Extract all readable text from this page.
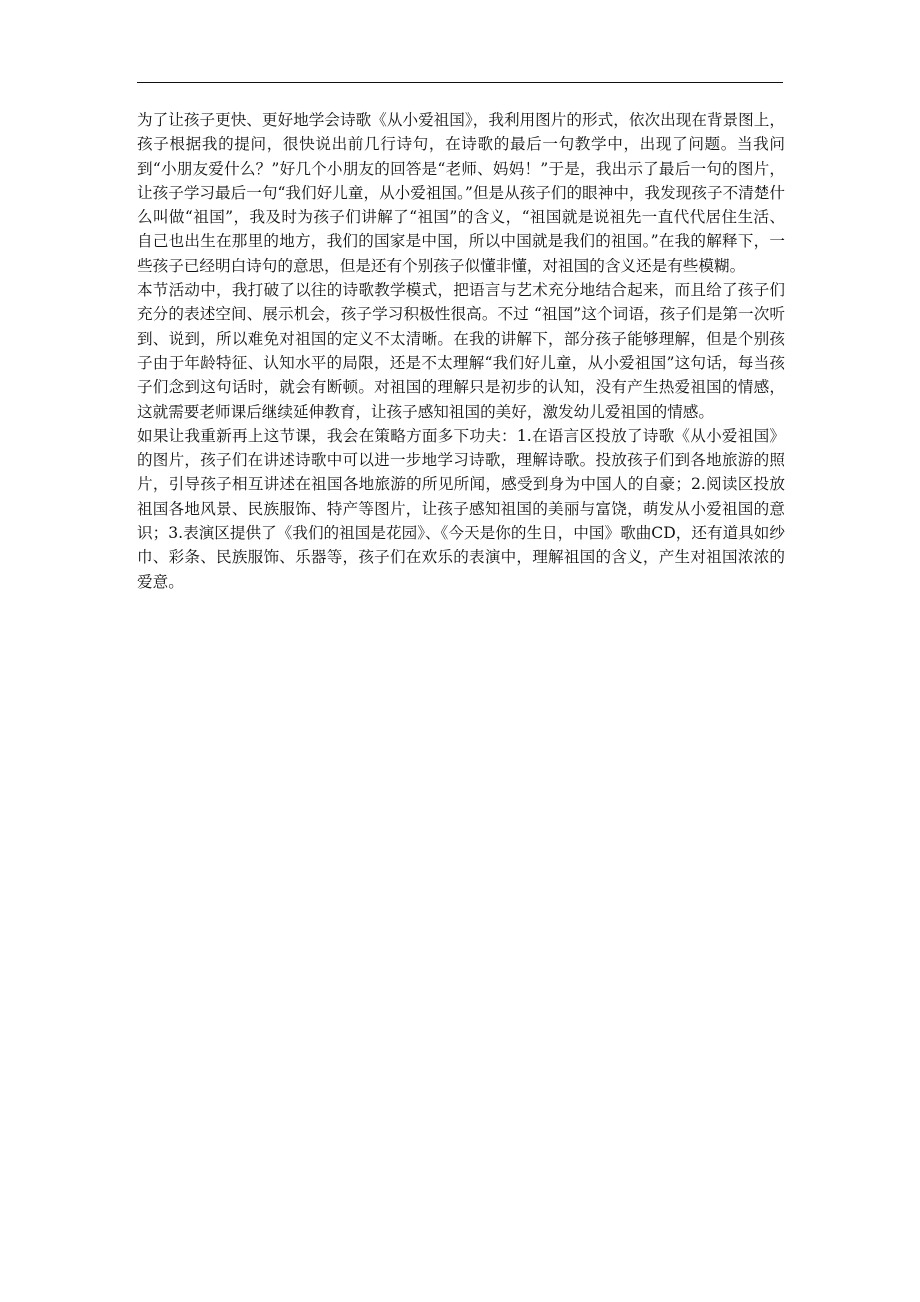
为了让孩子更快、更好地学会诗歌《从小爱祖国》，我利用图片的形式，依次出现在背景图上，孩子根据我的提问，很快说出前几行诗句，在诗歌的最后一句教学中，出现了问题。当我问到“小朋友爱什么？”好几个小朋友的回答是“老师、妈妈！”于是，我出示了最后一句的图片，让孩子学习最后一句“我们好儿童，从小爱祖国。”但是从孩子们的眼神中，我发现孩子不清楚什么叫做“祖国”，我及时为孩子们讲解了“祖国”的含义，“祖国就是说祖先一直代代居住生活、自己也出生在那里的地方，我们的国家是中国，所以中国就是我们的祖国。”在我的解释下，一些孩子已经明白诗句的意思，但是还有个别孩子似懂非懂，对祖国的含义还是有些模糊。

本节活动中，我打破了以往的诗歌教学模式，把语言与艺术充分地结合起来，而且给了孩子们充分的表述空间、展示机会，孩子学习积极性很高。不过 “祖国”这个词语，孩子们是第一次听到、说到，所以难免对祖国的定义不太清晰。在我的讲解下，部分孩子能够理解，但是个别孩子由于年龄特征、认知水平的局限，还是不太理解“我们好儿童，从小爱祖国”这句话，每当孩子们念到这句话时，就会有断顿。对祖国的理解只是初步的认知，没有产生热爱祖国的情感，这就需要老师课后继续延伸教育，让孩子感知祖国的美好，激发幼儿爱祖国的情感。

如果让我重新再上这节课，我会在策略方面多下功夫：1.在语言区投放了诗歌《从小爱祖国》的图片，孩子们在讲述诗歌中可以进一步地学习诗歌，理解诗歌。投放孩子们到各地旅游的照片，引导孩子相互讲述在祖国各地旅游的所见所闻，感受到身为中国人的自豪；2.阅读区投放祖国各地风景、民族服饰、特产等图片，让孩子感知祖国的美丽与富饶，萌发从小爱祖国的意识；3.表演区提供了《我们的祖国是花园》、《今天是你的生日，中国》歌曲CD，还有道具如纱巾、彩条、民族服饰、乐器等，孩子们在欢乐的表演中，理解祖国的含义，产生对祖国浓浓的爱意。
